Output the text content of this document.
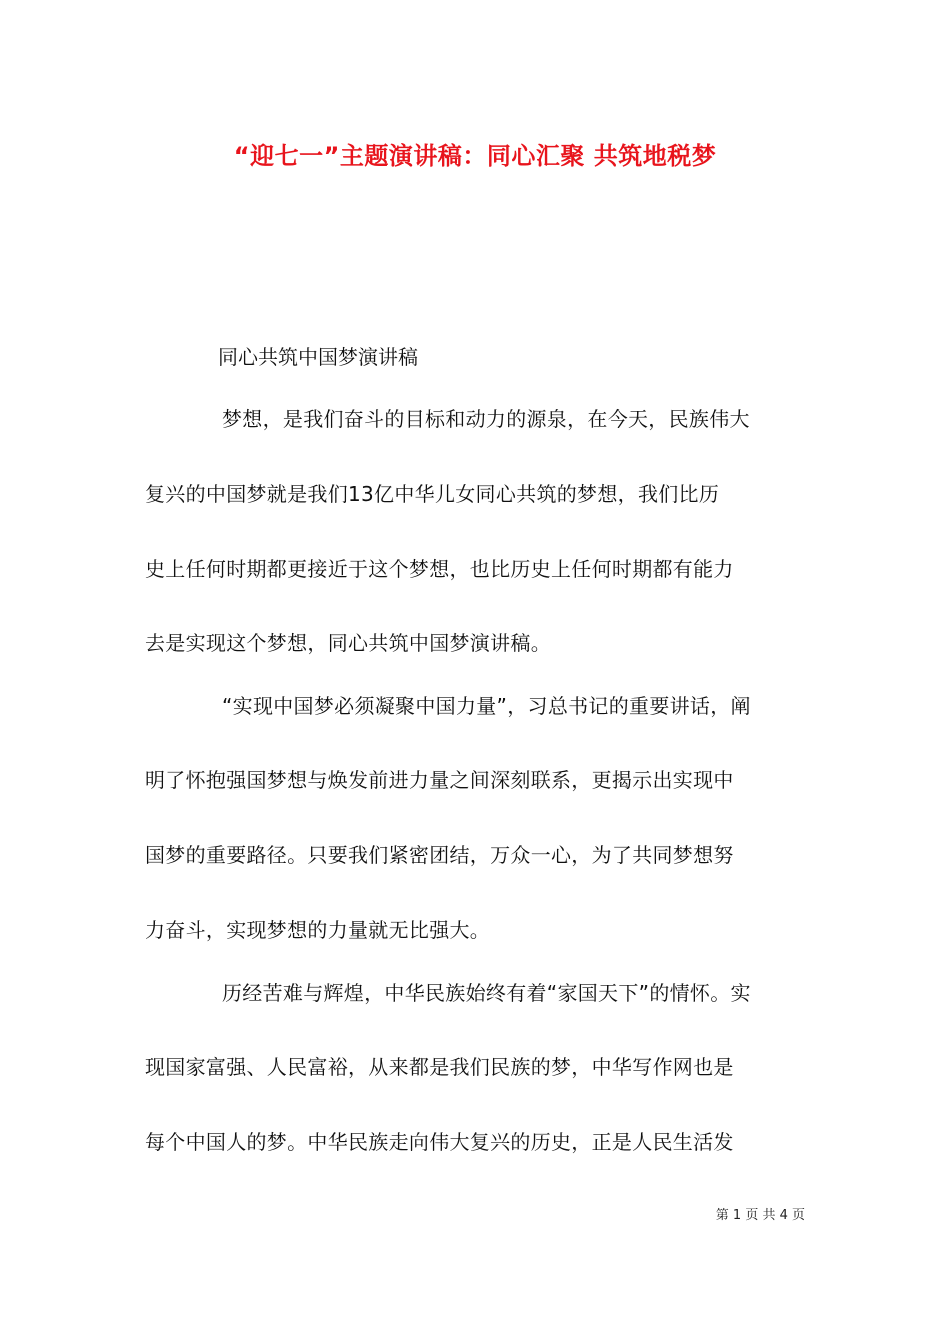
“迎七一”主题演讲稿：同心汇聚 共筑地税梦
同心共筑中国梦演讲稿
梦想，是我们奋斗的目标和动力的源泉，在今天，民族伟大
复兴的中国梦就是我们13亿中华儿女同心共筑的梦想，我们比历
史上任何时期都更接近于这个梦想，也比历史上任何时期都有能力
去是实现这个梦想，同心共筑中国梦演讲稿。
“实现中国梦必须凝聚中国力量”，习总书记的重要讲话，阐
明了怀抱强国梦想与焕发前进力量之间深刻联系，更揭示出实现中
国梦的重要路径。只要我们紧密团结，万众一心，为了共同梦想努
力奋斗，实现梦想的力量就无比强大。
历经苦难与辉煌，中华民族始终有着“家国天下”的情怀。实
现国家富强、人民富裕，从来都是我们民族的梦，中华写作网也是
每个中国人的梦。中华民族走向伟大复兴的历史，正是人民生活发
第 1 页 共 4 页
